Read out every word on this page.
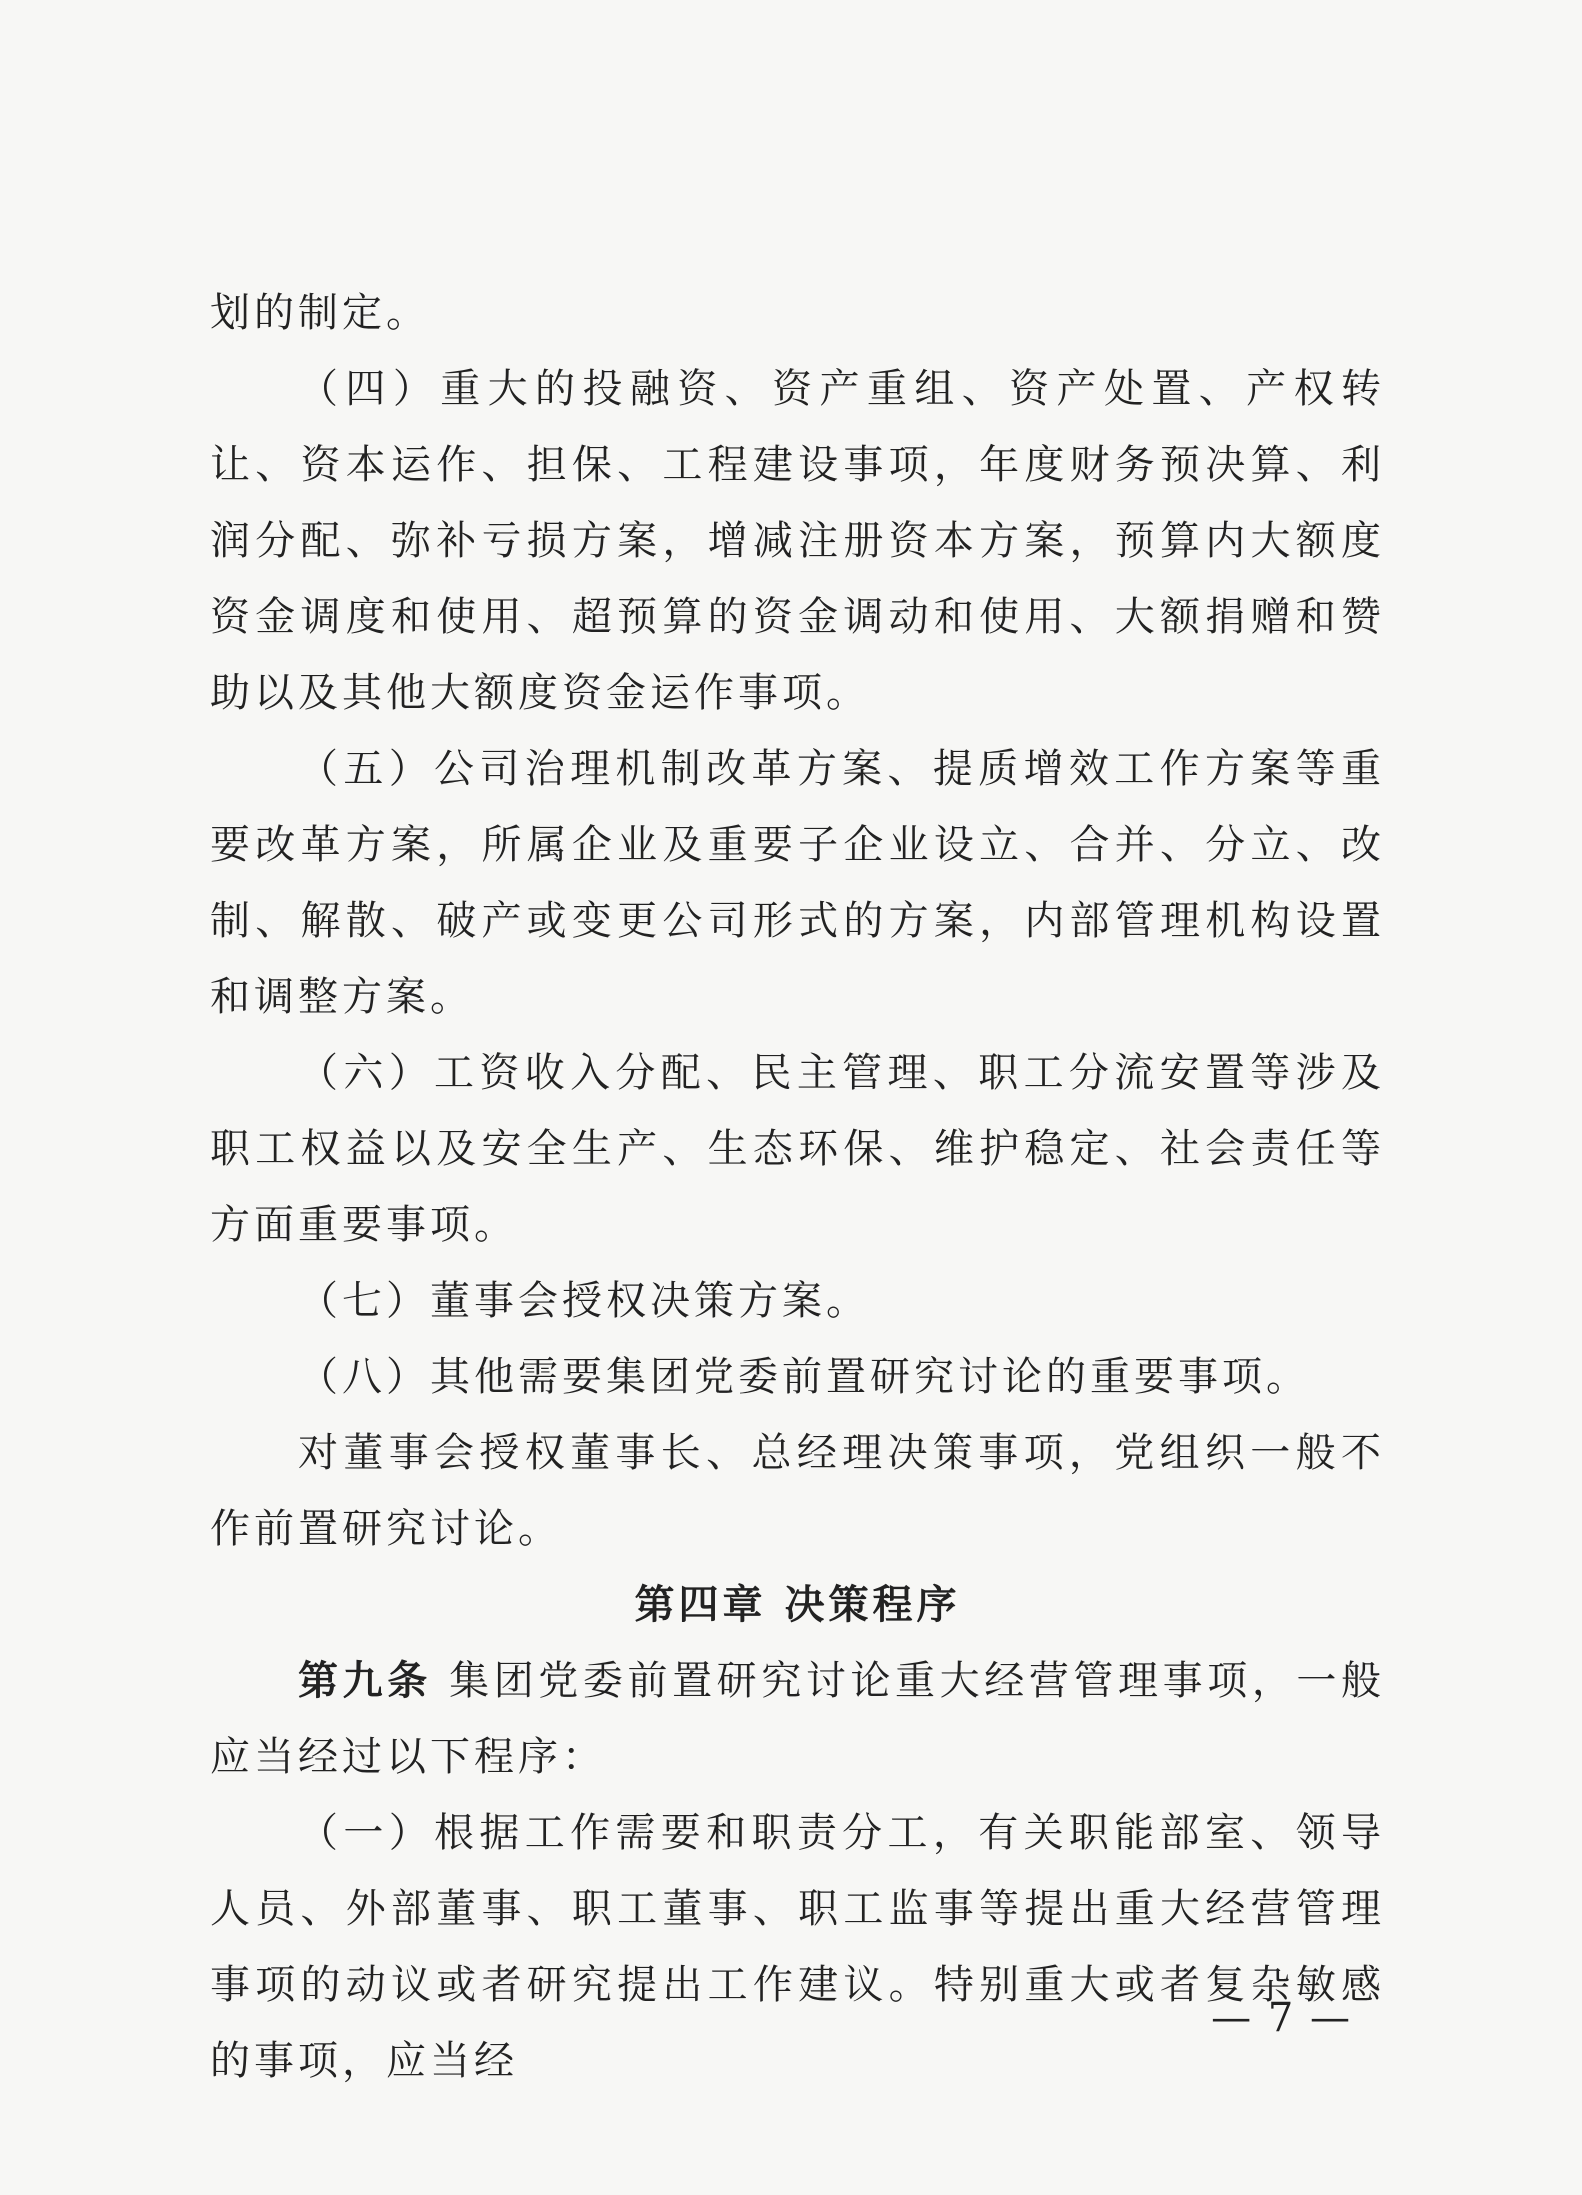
划的制定。

（四）重大的投融资、资产重组、资产处置、产权转让、资本运作、担保、工程建设事项，年度财务预决算、利润分配、弥补亏损方案，增减注册资本方案，预算内大额度资金调度和使用、超预算的资金调动和使用、大额捐赠和赞助以及其他大额度资金运作事项。

（五）公司治理机制改革方案、提质增效工作方案等重要改革方案，所属企业及重要子企业设立、合并、分立、改制、解散、破产或变更公司形式的方案，内部管理机构设置和调整方案。

（六）工资收入分配、民主管理、职工分流安置等涉及职工权益以及安全生产、生态环保、维护稳定、社会责任等方面重要事项。

（七）董事会授权决策方案。

（八）其他需要集团党委前置研究讨论的重要事项。

对董事会授权董事长、总经理决策事项，党组织一般不作前置研究讨论。

第四章 决策程序

第九条 集团党委前置研究讨论重大经营管理事项，一般应当经过以下程序：

（一）根据工作需要和职责分工，有关职能部室、领导人员、外部董事、职工董事、职工监事等提出重大经营管理事项的动议或者研究提出工作建议。特别重大或者复杂敏感的事项，应当经

— 7 —
